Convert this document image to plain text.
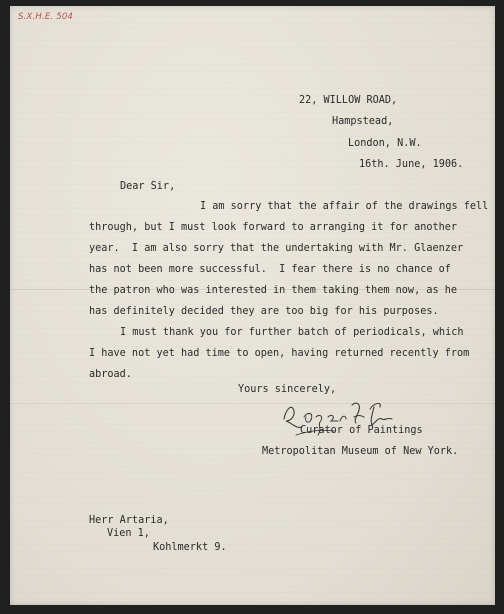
S.X.H.E. 504
22, WILLOW ROAD,
Hampstead,
London, N.W.
16th. June, 1906.
Dear Sir,
I am sorry that the affair of the drawings fell
through, but I must look forward to arranging it for another
year.  I am also sorry that the undertaking with Mr. Glaenzer
has not been more successful.  I fear there is no chance of
the patron who was interested in them taking them now, as he
has definitely decided they are too big for his purposes.
I must thank you for further batch of periodicals, which
I have not yet had time to open, having returned recently from
abroad.
Yours sincerely,
Curator of Paintings
Metropolitan Museum of New York.
Herr Artaria,
Vien 1,
Kohlmerkt 9.
